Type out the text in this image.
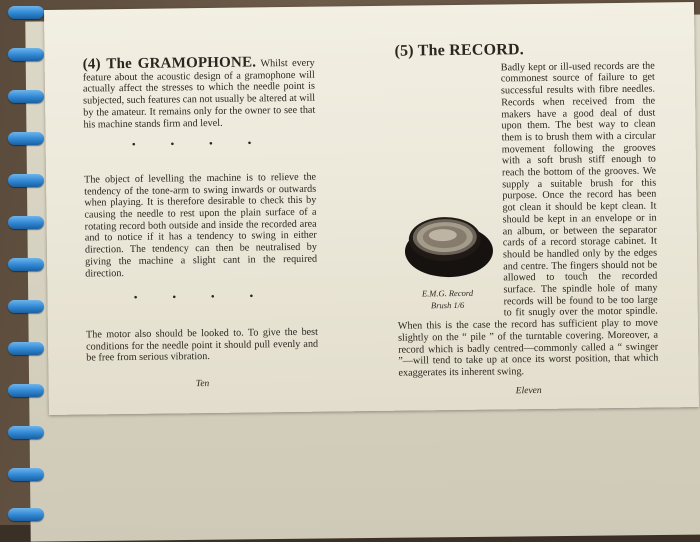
(4) The GRAMOPHONE. Whilst every feature about the acoustic design of a gramophone will actually affect the stresses to which the needle point is subjected, such features can not usually be altered at will by the amateur. It remains only for the owner to see that his machine stands firm and level.

• • • •

The object of levelling the machine is to relieve the tendency of the tone-arm to swing inwards or outwards when playing. It is therefore desirable to check this by causing the needle to rest upon the plain surface of a rotating record both outside and inside the recorded area and to notice if it has a tendency to swing in either direction. The tendency can then be neutralised by giving the machine a slight cant in the required direction.

• • • •

The motor also should be looked to. To give the best conditions for the needle point it should pull evenly and be free from serious vibration.

Ten
(5) The RECORD.
E.M.G. Record
Brush 1/6

Badly kept or ill-used records are the commonest source of failure to get successful results with fibre needles. Records when received from the makers have a good deal of dust upon them. The best way to clean them is to brush them with a circular movement following the grooves with a soft brush stiff enough to reach the bottom of the grooves. We supply a suitable brush for this purpose. Once the record has been got clean it should be kept clean. It should be kept in an envelope or in an album, or between the separator cards of a record storage cabinet. It should be handled only by the edges and centre. The fingers should not be allowed to touch the recorded surface. The spindle hole of many records will be found to be too large to fit snugly over the motor spindle. When this is the case the record has sufficient play to move slightly on the “ pile ” of the turntable covering. Moreover, a record which is badly centred—commonly called a “ swinger ”—will tend to take up at once its worst position, that which exaggerates its inherent swing.

Eleven
